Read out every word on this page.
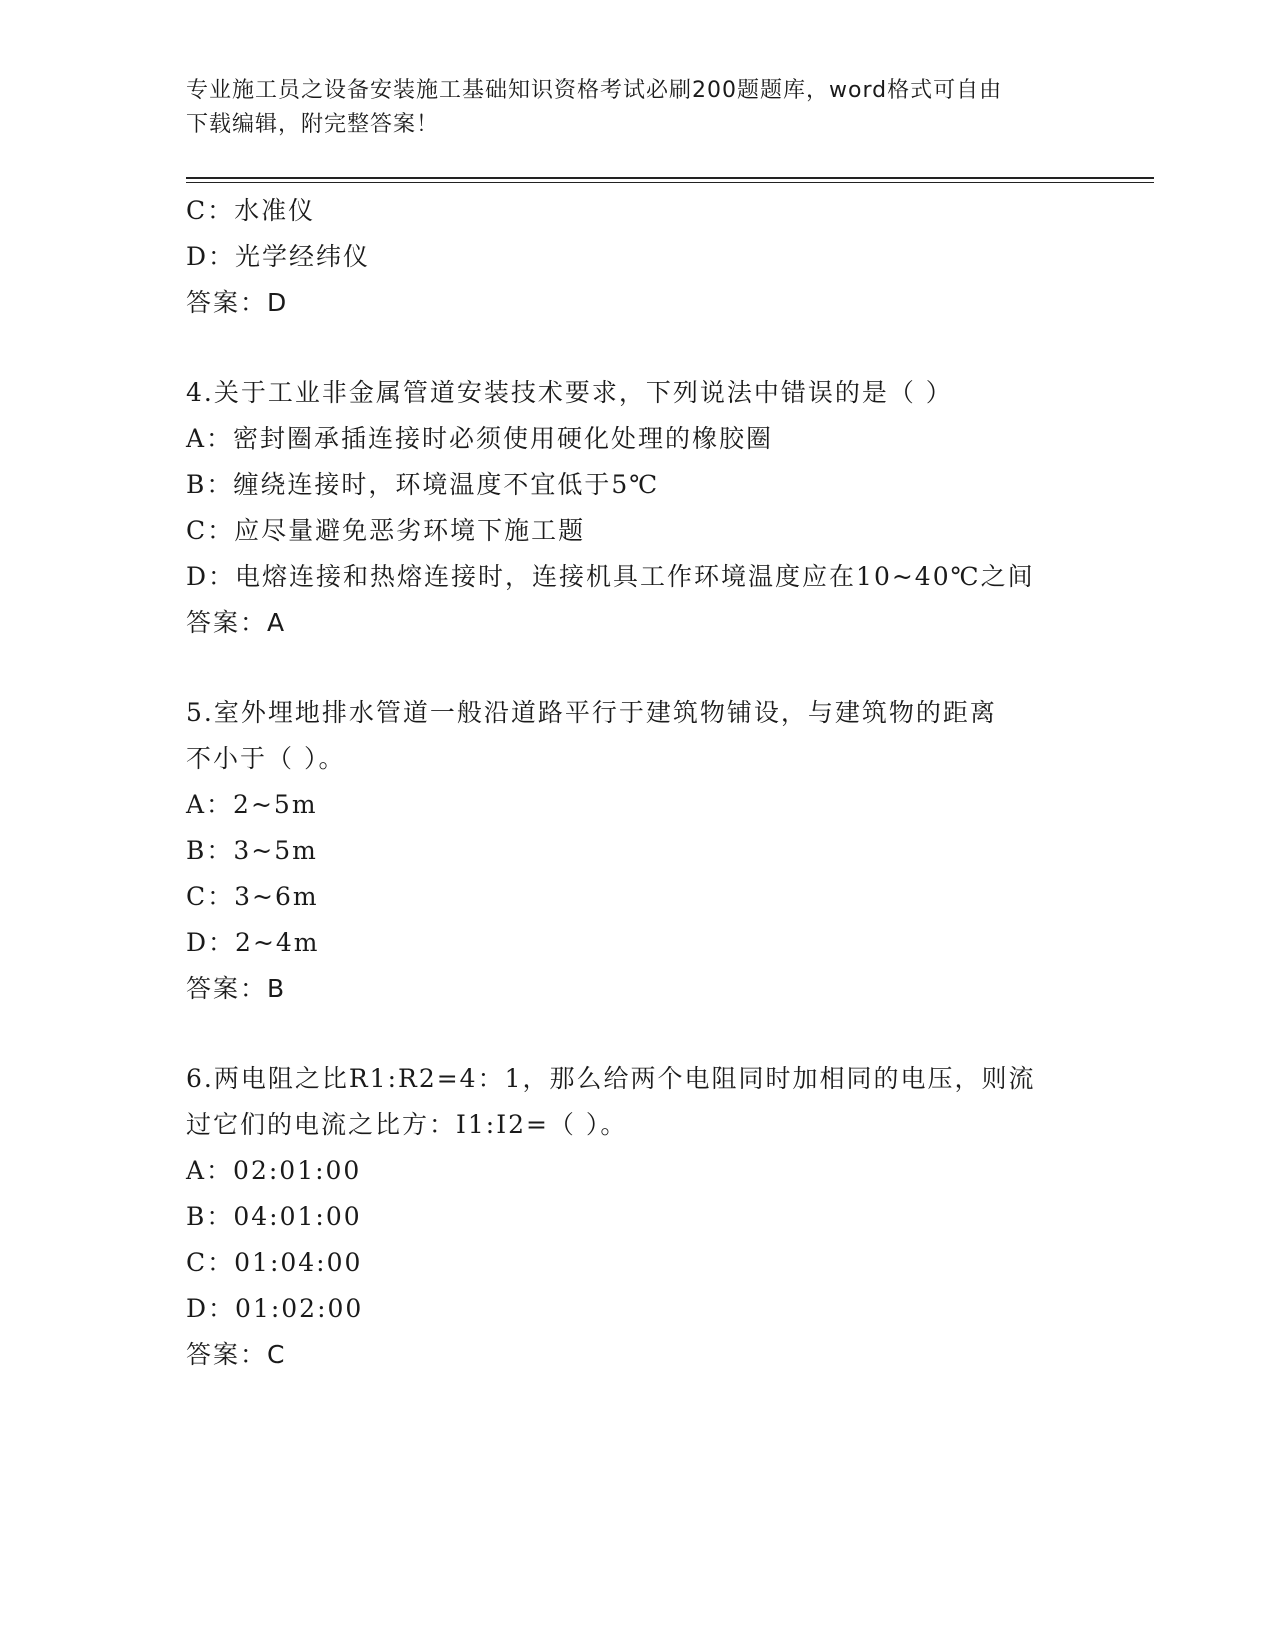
专业施工员之设备安装施工基础知识资格考试必刷200题题库，word格式可自由
下载编辑，附完整答案！
C：水准仪
D：光学经纬仪
答案：D
4.关于工业非金属管道安装技术要求，下列说法中错误的是（ ）
A：密封圈承插连接时必须使用硬化处理的橡胶圈
B：缠绕连接时，环境温度不宜低于5℃
C：应尽量避免恶劣环境下施工题
D：电熔连接和热熔连接时，连接机具工作环境温度应在10~40℃之间
答案：A
5.室外埋地排水管道一般沿道路平行于建筑物铺设，与建筑物的距离
不小于（ ）。
A：2~5m
B：3~5m
C：3~6m
D：2~4m
答案：B
6.两电阻之比R1:R2=4：1，那么给两个电阻同时加相同的电压，则流
过它们的电流之比方：I1:I2=（ ）。
A：02:01:00
B：04:01:00
C：01:04:00
D：01:02:00
答案：C
